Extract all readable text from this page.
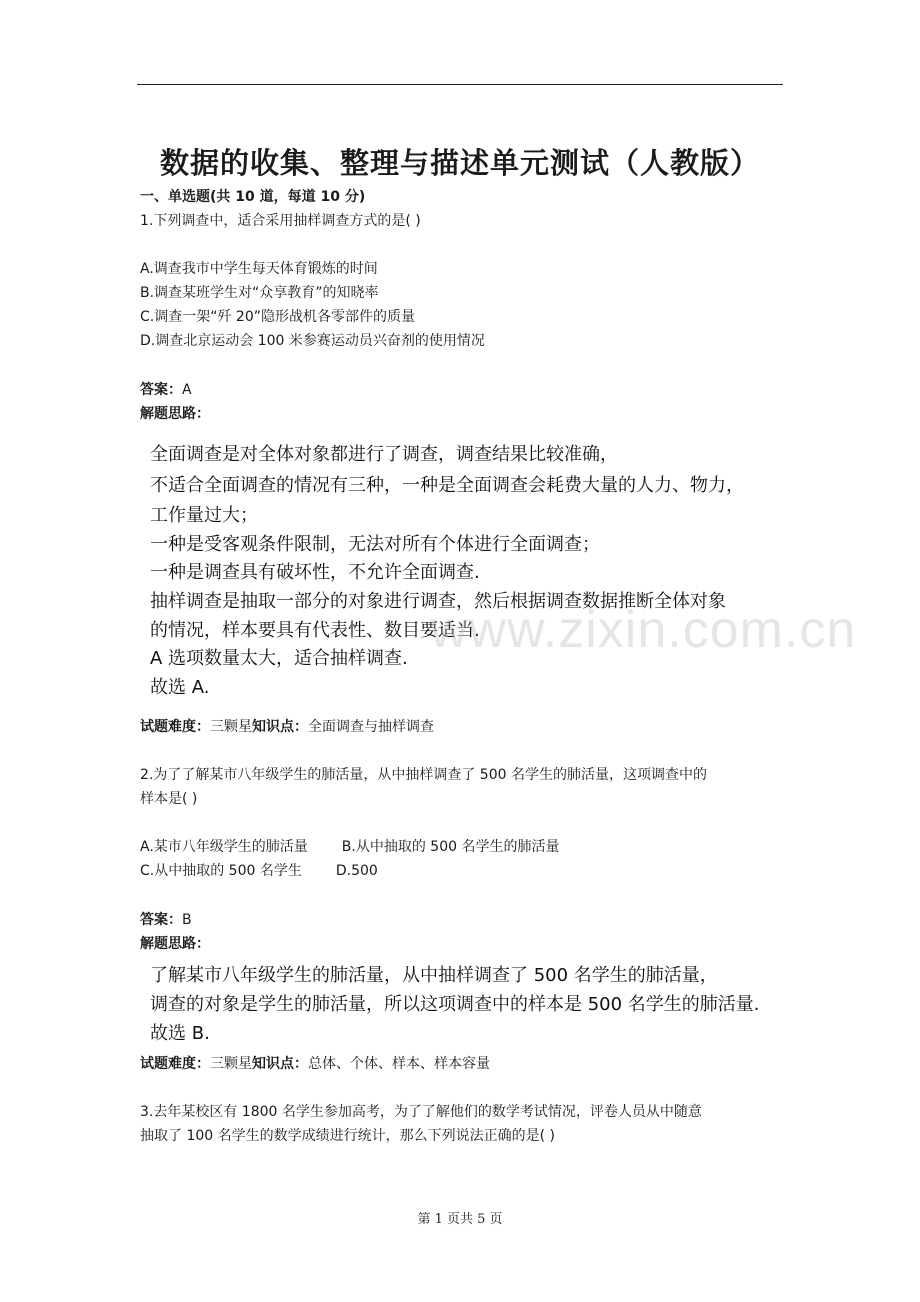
数据的收集、整理与描述单元测试（人教版）
一、单选题(共 10 道，每道 10 分)
1.下列调查中，适合采用抽样调查方式的是( )
A.调查我市中学生每天体育锻炼的时间
B.调查某班学生对“众享教育”的知晓率
C.调查一架“歼 20”隐形战机各零部件的质量
D.调查北京运动会 100 米参赛运动员兴奋剂的使用情况
答案：A
解题思路：
全面调查是对全体对象都进行了调查，调查结果比较准确，
不适合全面调查的情况有三种，一种是全面调查会耗费大量的人力、物力，
工作量过大；
一种是受客观条件限制，无法对所有个体进行全面调查；
一种是调查具有破坏性，不允许全面调查.
抽样调查是抽取一部分的对象进行调查，然后根据调查数据推断全体对象
的情况，样本要具有代表性、数目要适当.
A 选项数量太大，适合抽样调查.
故选 A.
试题难度：三颗星知识点：全面调查与抽样调查
2.为了了解某市八年级学生的肺活量，从中抽样调查了 500 名学生的肺活量，这项调查中的
样本是( )
A.某市八年级学生的肺活量 B.从中抽取的 500 名学生的肺活量
C.从中抽取的 500 名学生 D.500
答案：B
解题思路：
了解某市八年级学生的肺活量，从中抽样调查了 500 名学生的肺活量，
调查的对象是学生的肺活量，所以这项调查中的样本是 500 名学生的肺活量.
故选 B.
试题难度：三颗星知识点：总体、个体、样本、样本容量
3.去年某校区有 1800 名学生参加高考，为了了解他们的数学考试情况，评卷人员从中随意
抽取了 100 名学生的数学成绩进行统计，那么下列说法正确的是( )
www.zixin.com.cn
第 1 页共 5 页
